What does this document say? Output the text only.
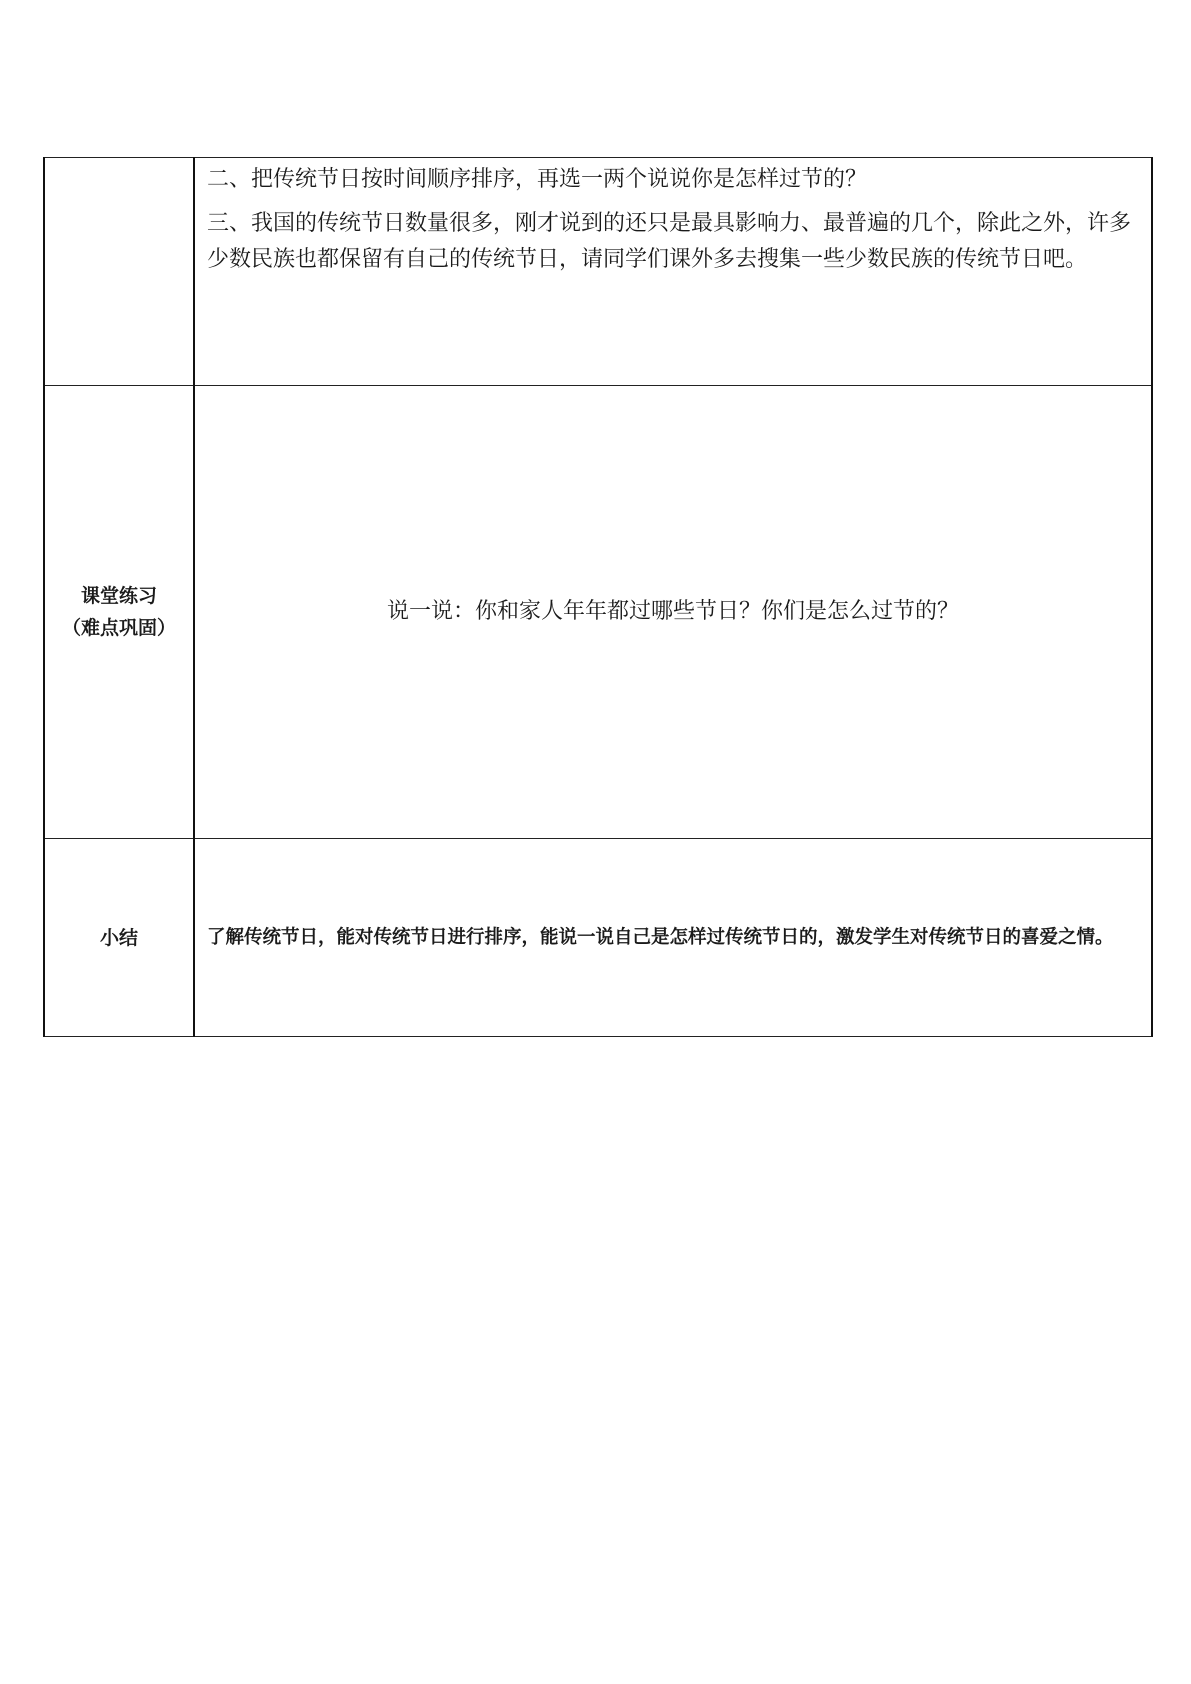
	二、把传统节日按时间顺序排序，再选一两个说说你是怎样过节的？

三、我国的传统节日数量很多，刚才说到的还只是最具影响力、最普遍的几个，除此之外，许多少数民族也都保留有自己的传统节日，请同学们课外多去搜集一些少数民族的传统节日吧。

课堂练习
（难点巩固）	说一说：你和家人年年都过哪些节日？你们是怎么过节的？
小结	了解传统节日，能对传统节日进行排序，能说一说自己是怎样过传统节日的，激发学生对传统节日的喜爱之情。
